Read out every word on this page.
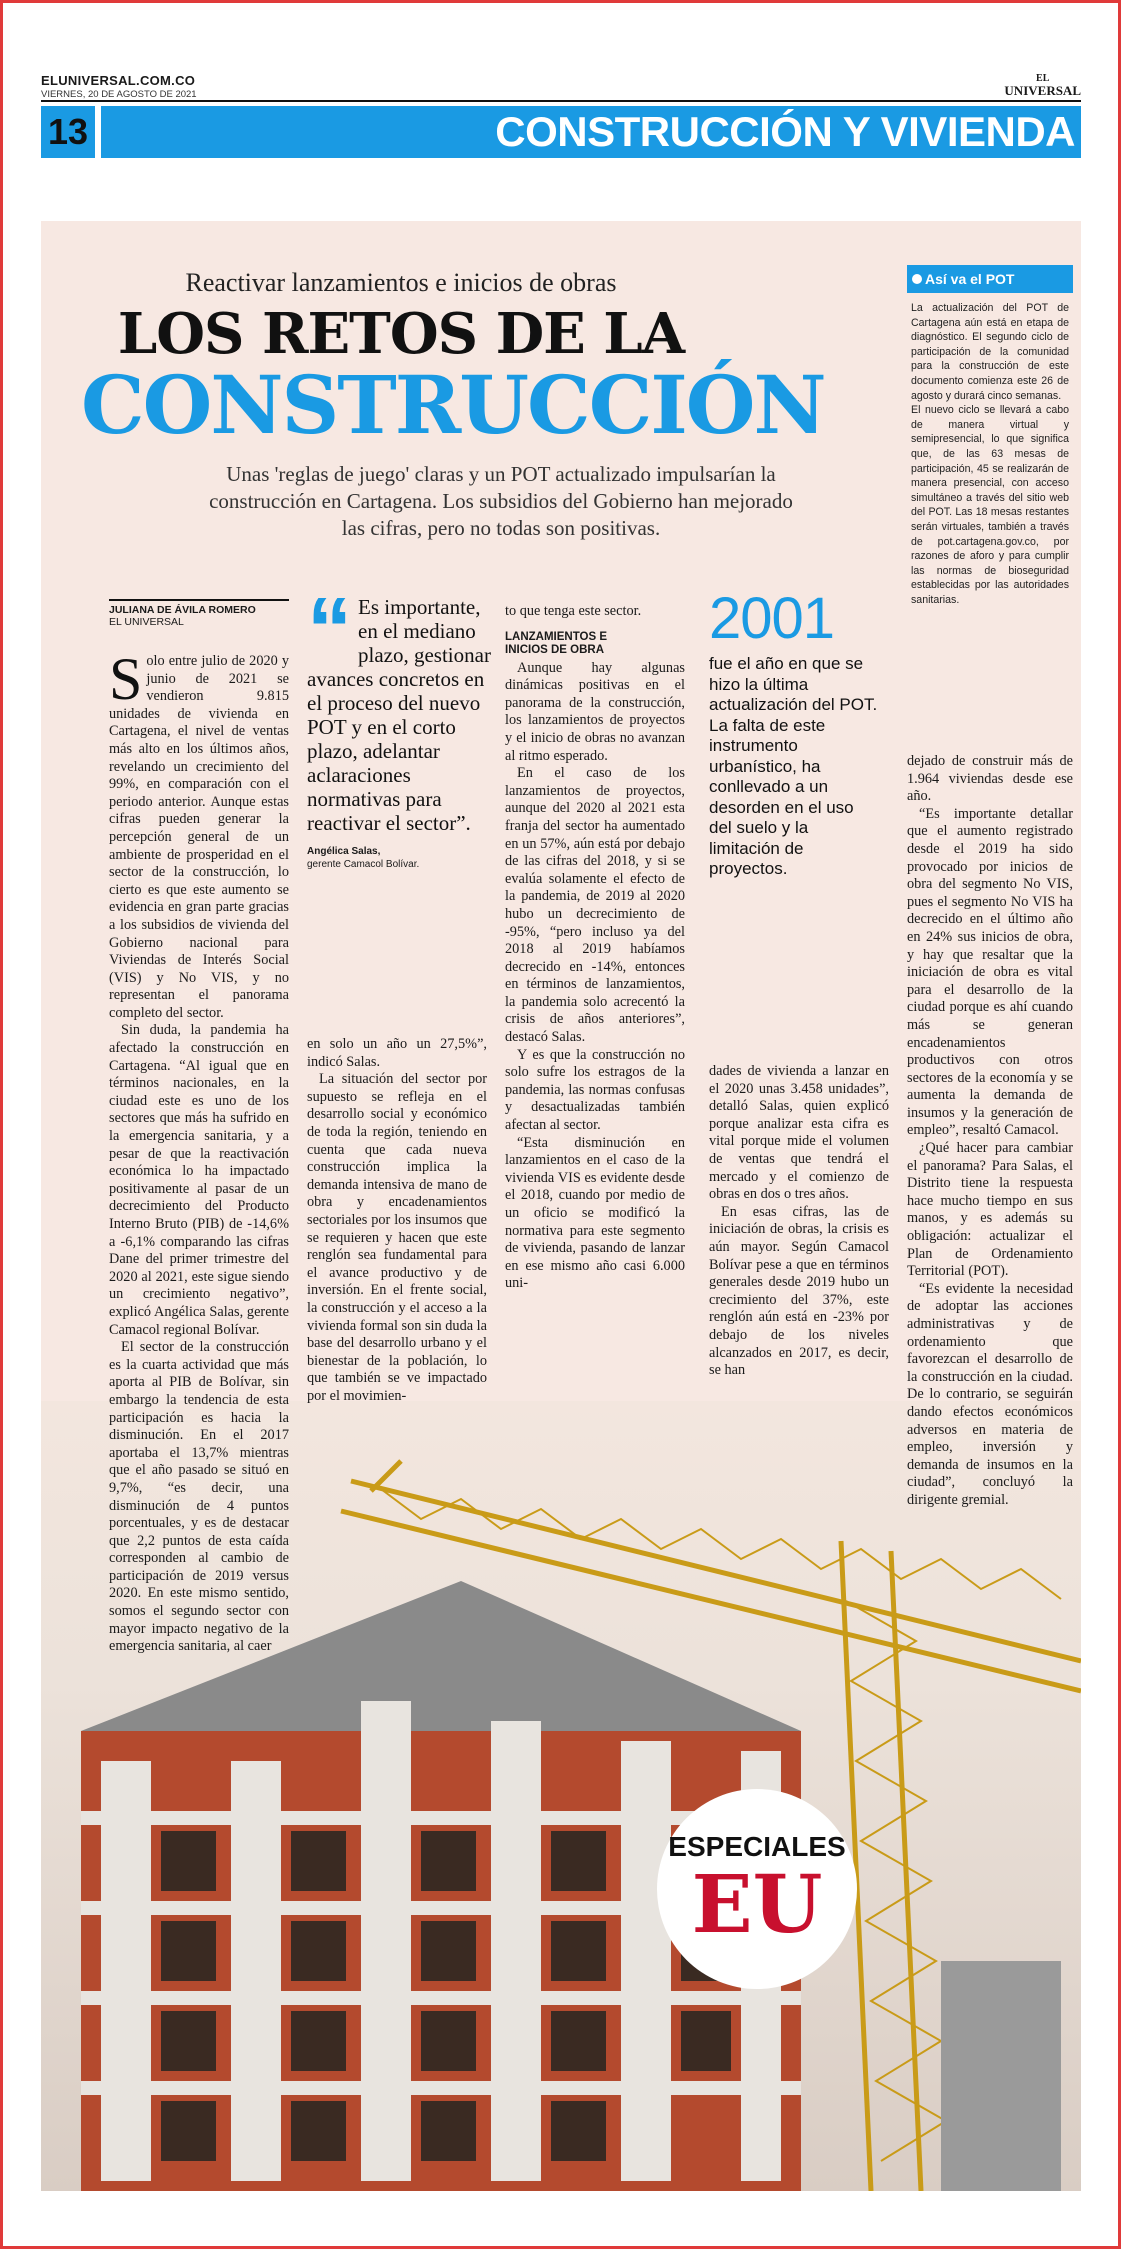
ELUNIVERSAL.COM.CO
VIERNES, 20 DE AGOSTO DE 2021
EL
UNIVERSAL
13	CONSTRUCCIÓN Y VIVIENDA
ESPECIALES
EU
Reactivar lanzamientos e inicios de obras
LOS RETOS DE LA
CONSTRUCCIÓN
Unas 'reglas de juego' claras y un POT actualizado impulsarían la construcción en Cartagena. Los subsidios del Gobierno han mejorado las cifras, pero no todas son positivas.
Así va el POT

La actualización del POT de Cartagena aún está en etapa de diagnóstico. El segundo ciclo de participación de la comunidad para la construcción de este documento comienza este 26 de agosto y durará cinco semanas.

El nuevo ciclo se llevará a cabo de manera virtual y semipresencial, lo que significa que, de las 63 mesas de participación, 45 se realizarán de manera presencial, con acceso simultáneo a través del sitio web del POT. Las 18 mesas restantes serán virtuales, también a través de pot.cartagena.gov.co, por razones de aforo y para cumplir las normas de bioseguridad establecidas por las autoridades sanitarias.

JULIANA DE ÁVILA ROMERO
EL UNIVERSAL

Solo entre julio de 2020 y junio de 2021 se vendieron 9.815 unidades de vivienda en Cartagena, el nivel de ventas más alto en los últimos años, revelando un crecimiento del 99%, en comparación con el periodo anterior. Aunque estas cifras pueden generar la percepción general de un ambiente de prosperidad en el sector de la construcción, lo cierto es que este aumento se evidencia en gran parte gracias a los subsidios de vivienda del Gobierno nacional para Viviendas de Interés Social (VIS) y No VIS, y no representan el panorama completo del sector.

Sin duda, la pandemia ha afectado la construcción en Cartagena. “Al igual que en términos nacionales, en la ciudad este es uno de los sectores que más ha sufrido en la emergencia sanitaria, y a pesar de que la reactivación económica lo ha impactado positivamente al pasar de un decrecimiento del Producto Interno Bruto (PIB) de -14,6% a -6,1% comparando las cifras Dane del primer trimestre del 2020 al 2021, este sigue siendo un crecimiento negativo”, explicó Angélica Salas, gerente Camacol regional Bolívar.

El sector de la construcción es la cuarta actividad que más aporta al PIB de Bolívar, sin embargo la tendencia de esta participación es hacia la disminución. En el 2017 aportaba el 13,7% mientras que el año pasado se situó en 9,7%, “es decir, una disminución de 4 puntos porcentuales, y es de destacar que 2,2 puntos de esta caída corresponden al cambio de participación de 2019 versus 2020. En este mismo sentido, somos el segundo sector con mayor impacto negativo de la emergencia sanitaria, al caer

“ Es importante, en el mediano plazo, gestionar avances concretos en el proceso del nuevo POT y en el corto plazo, adelantar aclaraciones normativas para reactivar el sector”.
Angélica Salas,
gerente Camacol Bolívar.

en solo un año un 27,5%”, indicó Salas.

La situación del sector por supuesto se refleja en el desarrollo social y económico de toda la región, teniendo en cuenta que cada nueva construcción implica la demanda intensiva de mano de obra y encadenamientos sectoriales por los insumos que se requieren y hacen que este renglón sea fundamental para el avance productivo y de inversión. En el frente social, la construcción y el acceso a la vivienda formal son sin duda la base del desarrollo urbano y el bienestar de la población, lo que también se ve impactado por el movimien-

to que tenga este sector.

LANZAMIENTOS E
INICIOS DE OBRA

Aunque hay algunas dinámicas positivas en el panorama de la construcción, los lanzamientos de proyectos y el inicio de obras no avanzan al ritmo esperado.

En el caso de los lanzamientos de proyectos, aunque del 2020 al 2021 esta franja del sector ha aumentado en un 57%, aún está por debajo de las cifras del 2018, y si se evalúa solamente el efecto de la pandemia, de 2019 al 2020 hubo un decrecimiento de -95%, “pero incluso ya del 2018 al 2019 habíamos decrecido en -14%, entonces en términos de lanzamientos, la pandemia solo acrecentó la crisis de años anteriores”, destacó Salas.

Y es que la construcción no solo sufre los estragos de la pandemia, las normas confusas y desactualizadas también afectan al sector.

“Esta disminución en lanzamientos en el caso de la vivienda VIS es evidente desde el 2018, cuando por medio de un oficio se modificó la normativa para este segmento de vivienda, pasando de lanzar en ese mismo año casi 6.000 uni-

2001
fue el año en que se hizo la última actualización del POT. La falta de este instrumento urbanístico, ha conllevado a un desorden en el uso del suelo y la limitación de proyectos.

dades de vivienda a lanzar en el 2020 unas 3.458 unidades”, detalló Salas, quien explicó porque analizar esta cifra es vital porque mide el volumen de ventas que tendrá el mercado y el comienzo de obras en dos o tres años.

En esas cifras, las de iniciación de obras, la crisis es aún mayor. Según Camacol Bolívar pese a que en términos generales desde 2019 hubo un crecimiento del 37%, este renglón aún está en -23% por debajo de los niveles alcanzados en 2017, es decir, se han

dejado de construir más de 1.964 viviendas desde ese año.

“Es importante detallar que el aumento registrado desde el 2019 ha sido provocado por inicios de obra del segmento No VIS, pues el segmento No VIS ha decrecido en el último año en 24% sus inicios de obra, y hay que resaltar que la iniciación de obra es vital para el desarrollo de la ciudad porque es ahí cuando más se generan encadenamientos productivos con otros sectores de la economía y se aumenta la demanda de insumos y la generación de empleo”, resaltó Camacol.

¿Qué hacer para cambiar el panorama? Para Salas, el Distrito tiene la respuesta hace mucho tiempo en sus manos, y es además su obligación: actualizar el Plan de Ordenamiento Territorial (POT).

“Es evidente la necesidad de adoptar las acciones administrativas y de ordenamiento que favorezcan el desarrollo de la construcción en la ciudad. De lo contrario, se seguirán dando efectos económicos adversos en materia de empleo, inversión y demanda de insumos en la ciudad”, concluyó la dirigente gremial.
